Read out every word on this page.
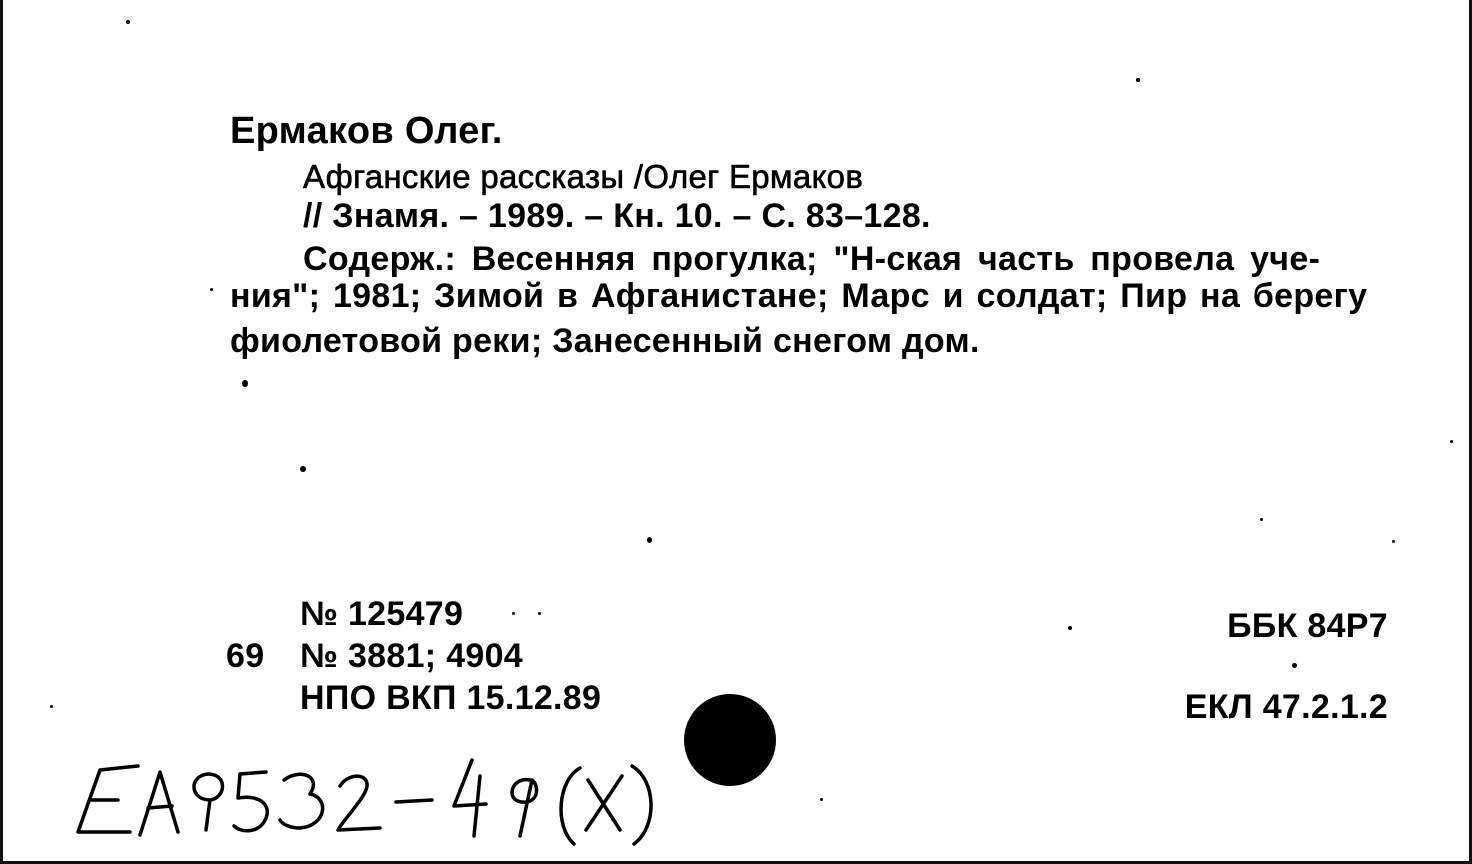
Ермаков Олег.
Афганские рассказы /Олег Ермаков
// Знамя. – 1989. – Кн. 10. – С. 83–128.
Содерж.: Весенняя прогулка; "Н-ская часть провела уче-
ния"; 1981; Зимой в Афганистане; Марс и солдат; Пир на берегу
фиолетовой реки; Занесенный снегом дом.
№ 125479
69 № 3881; 4904
НПО ВКП 15.12.89
ББК 84Р7
ЕКЛ 47.2.1.2
